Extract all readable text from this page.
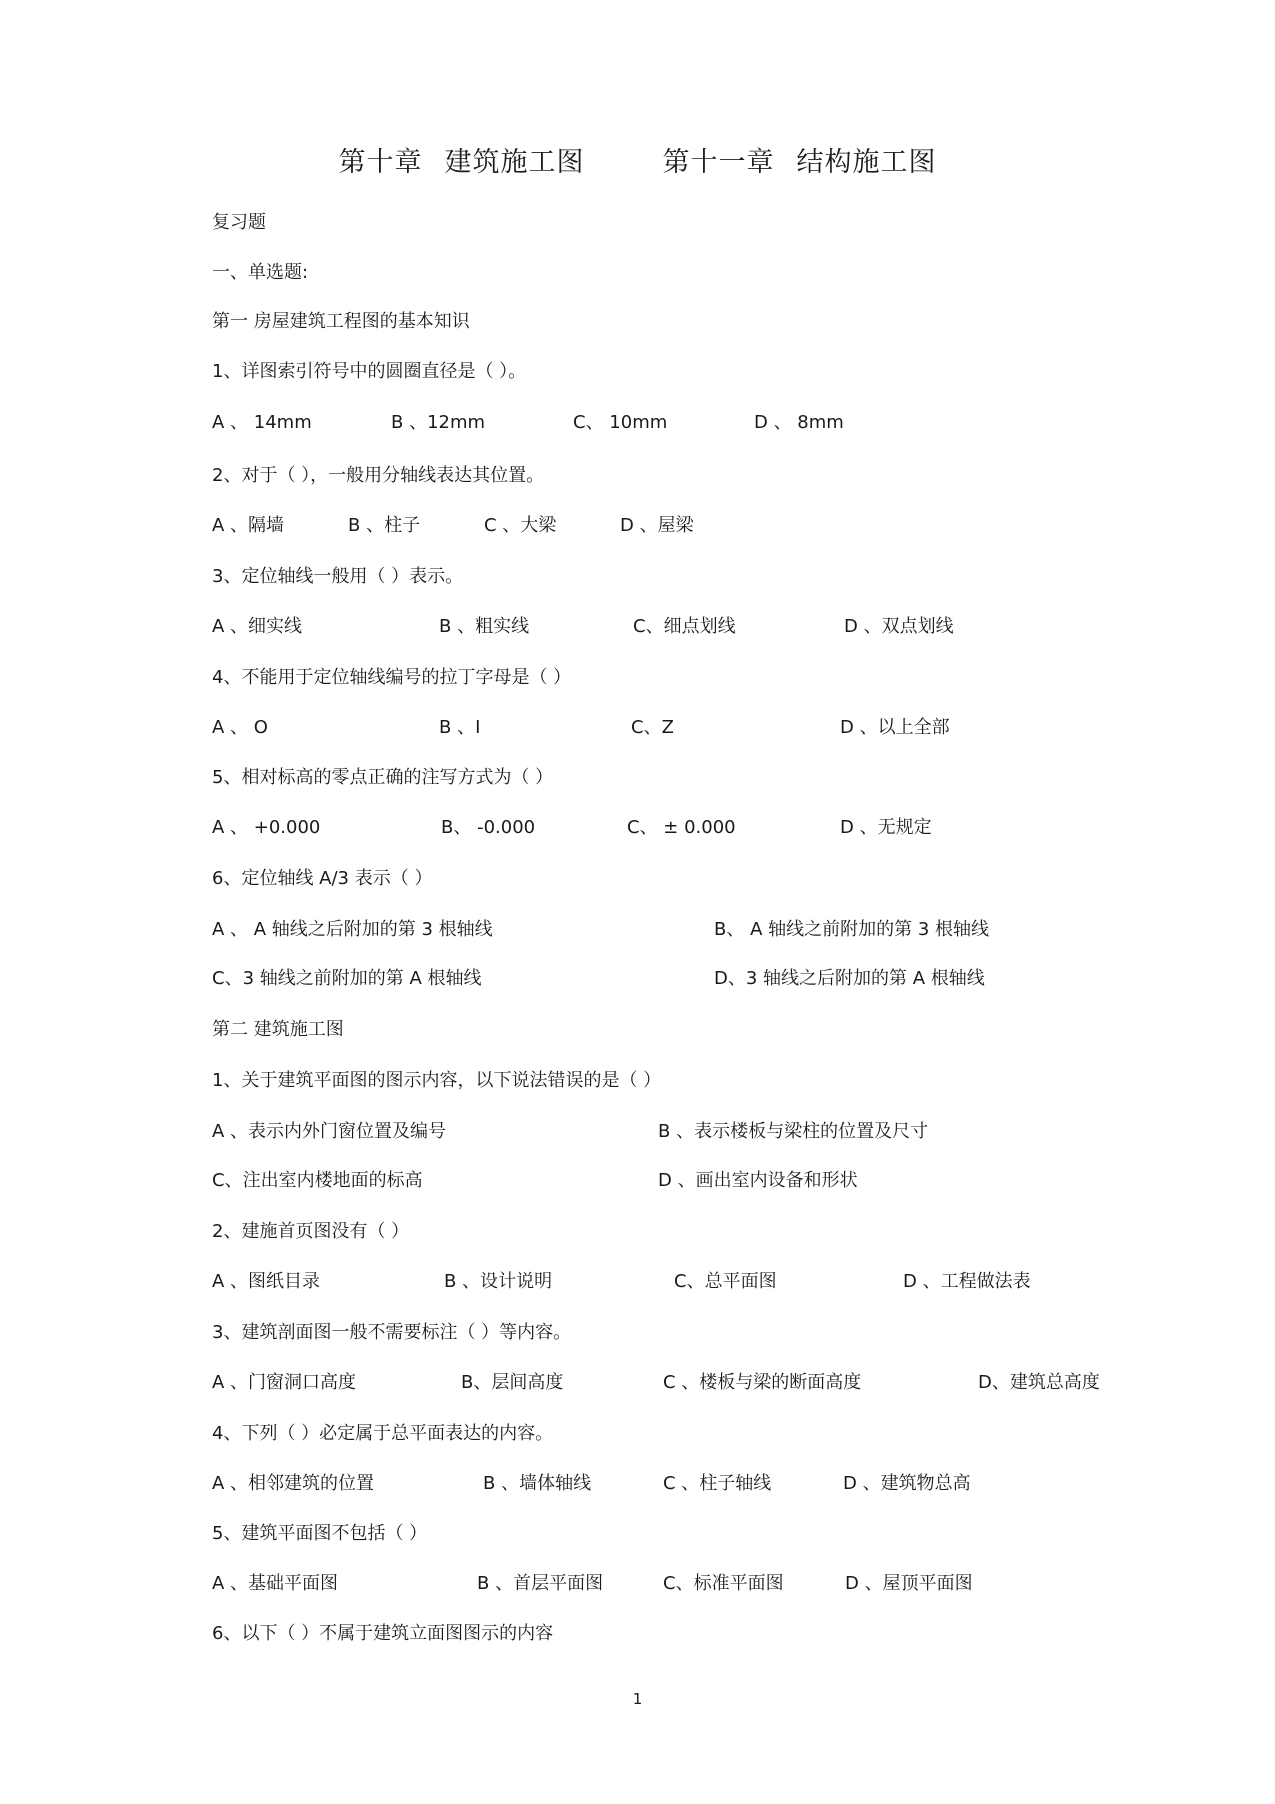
第十章 建筑施工图	第十一章 结构施工图
复习题
一、单选题:
第一 房屋建筑工程图的基本知识
1、详图索引符号中的圆圈直径是（ ）。
A 、 14mm	B 、12mm	C、 10mm	D 、 8mm
2、对于（ ），一般用分轴线表达其位置。
A 、隔墙	B 、柱子	C 、大梁	D 、屋梁
3、定位轴线一般用（ ）表示。
A 、细实线	B 、粗实线	C、细点划线	D 、双点划线
4、不能用于定位轴线编号的拉丁字母是（ ）
A 、 O	B 、I	C、Z	D 、以上全部
5、相对标高的零点正确的注写方式为（ ）
A 、 +0.000	B、 -0.000	C、 ± 0.000	D 、无规定
6、定位轴线 A/3 表示（ ）
A 、 A 轴线之后附加的第 3 根轴线	B、 A 轴线之前附加的第 3 根轴线
C、3 轴线之前附加的第 A 根轴线	D、3 轴线之后附加的第 A 根轴线
第二 建筑施工图
1、关于建筑平面图的图示内容，以下说法错误的是（ ）
A 、表示内外门窗位置及编号	B 、表示楼板与梁柱的位置及尺寸
C、注出室内楼地面的标高	D 、画出室内设备和形状
2、建施首页图没有（ ）
A 、图纸目录	B 、设计说明	C、总平面图	D 、工程做法表
3、建筑剖面图一般不需要标注（ ）等内容。
A 、门窗洞口高度	B、层间高度	C 、楼板与梁的断面高度	D、建筑总高度
4、下列（ ）必定属于总平面表达的内容。
A 、相邻建筑的位置	B 、墙体轴线	C 、柱子轴线	D 、建筑物总高
5、建筑平面图不包括（ ）
A 、基础平面图	B 、首层平面图	C、标准平面图	D 、屋顶平面图
6、以下（ ）不属于建筑立面图图示的内容
1
